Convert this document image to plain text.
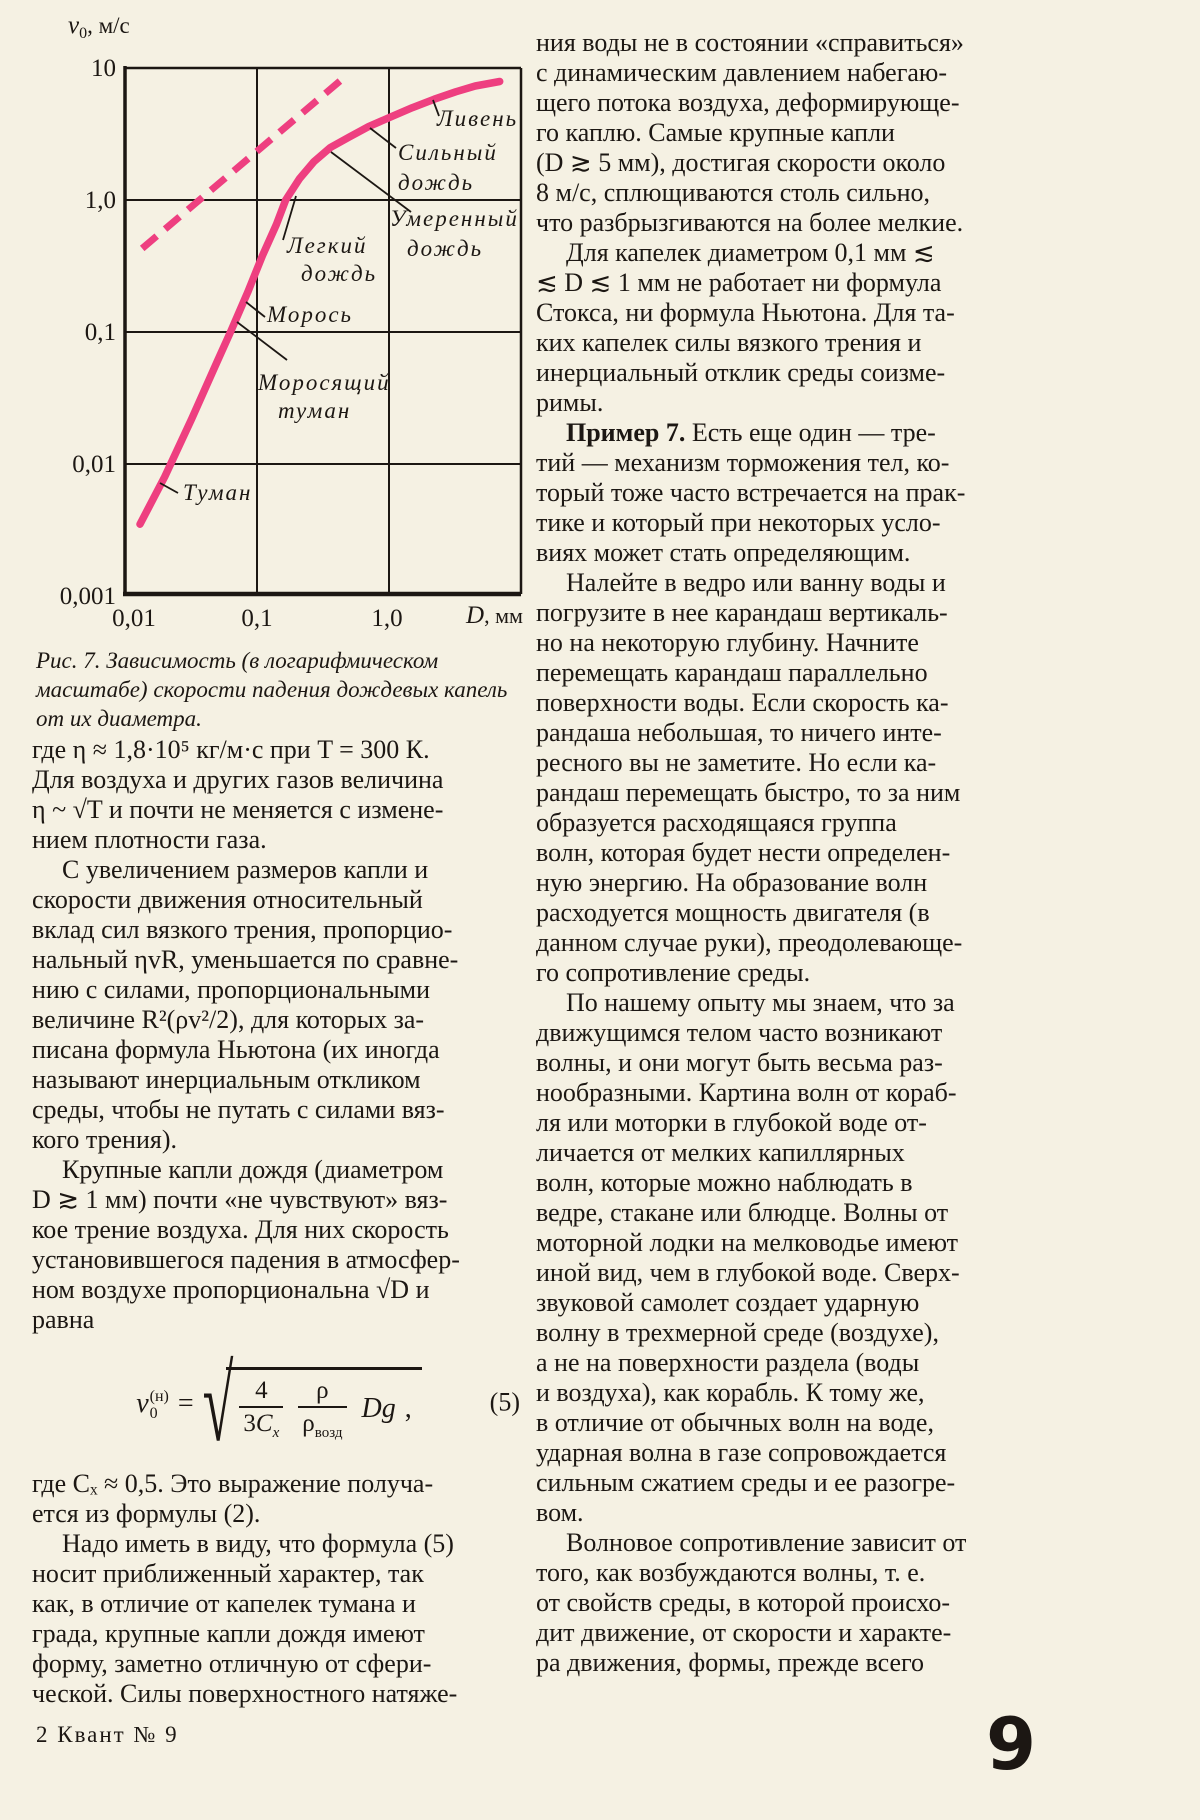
Ливень
Сильный
дождь
Умеренный
дождь
Легкий
дождь
Морось
Моросящий
туман
Туман
10
1,0
0,1
0,01
0,001
0,01	0,1	1,0
$v_0$, м/с
D, мм
Рис. 7. Зависимость (в логарифмическом
масштабе) скорости падения дождевых капель
от их диаметра.

где η ≈ 1,8·10⁵ кг/м·с при T = 300 К.
Для воздуха и других газов величина
η ~ √T и почти не меняется с измене-
нием плотности газа.

С увеличением размеров капли и
скорости движения относительный
вклад сил вязкого трения, пропорцио-
нальный ηvR, уменьшается по сравне-
нию с силами, пропорциональными
величине R²(ρv²/2), для которых за-
писана формула Ньютона (их иногда
называют инерциальным откликом
среды, чтобы не путать с силами вяз-
кого трения).

Крупные капли дождя (диаметром
D ≳ 1 мм) почти «не чувствуют» вяз-
кое трение воздуха. Для них скорость
установившегося падения в атмосфер-
ном воздухе пропорциональна √D и
равна

v (н)
0 = √ $\frac{4}{3C_x} \frac{\rho}{\rho_{возд}}$ Dg ,	(5)

где Cₓ ≈ 0,5. Это выражение получа-
ется из формулы (2).

Надо иметь в виду, что формула (5)
носит приближенный характер, так
как, в отличие от капелек тумана и
града, крупные капли дождя имеют
форму, заметно отличную от сфери-
ческой. Силы поверхностного натяже-

ния воды не в состоянии «справиться»
с динамическим давлением набегаю-
щего потока воздуха, деформирующе-
го каплю. Самые крупные капли
(D ≳ 5 мм), достигая скорости около
8 м/с, сплющиваются столь сильно,
что разбрызгиваются на более мелкие.

Для капелек диаметром 0,1 мм ≲
≲ D ≲ 1 мм не работает ни формула
Стокса, ни формула Ньютона. Для та-
ких капелек силы вязкого трения и
инерциальный отклик среды соизме-
римы.

Пример 7. Есть еще один — тре-
тий — механизм торможения тел, ко-
торый тоже часто встречается на прак-
тике и который при некоторых усло-
виях может стать определяющим.

Налейте в ведро или ванну воды и
погрузите в нее карандаш вертикаль-
но на некоторую глубину. Начните
перемещать карандаш параллельно
поверхности воды. Если скорость ка-
рандаша небольшая, то ничего инте-
ресного вы не заметите. Но если ка-
рандаш перемещать быстро, то за ним
образуется расходящаяся группа
волн, которая будет нести определен-
ную энергию. На образование волн
расходуется мощность двигателя (в
данном случае руки), преодолевающе-
го сопротивление среды.

По нашему опыту мы знаем, что за
движущимся телом часто возникают
волны, и они могут быть весьма раз-
нообразными. Картина волн от кораб-
ля или моторки в глубокой воде от-
личается от мелких капиллярных
волн, которые можно наблюдать в
ведре, стакане или блюдце. Волны от
моторной лодки на мелководье имеют
иной вид, чем в глубокой воде. Сверх-
звуковой самолет создает ударную
волну в трехмерной среде (воздухе),
а не на поверхности раздела (воды
и воздуха), как корабль. К тому же,
в отличие от обычных волн на воде,
ударная волна в газе сопровождается
сильным сжатием среды и ее разогре-
вом.

Волновое сопротивление зависит от
того, как возбуждаются волны, т. е.
от свойств среды, в которой происхо-
дит движение, от скорости и характе-
ра движения, формы, прежде всего

2 Квант № 9	9
